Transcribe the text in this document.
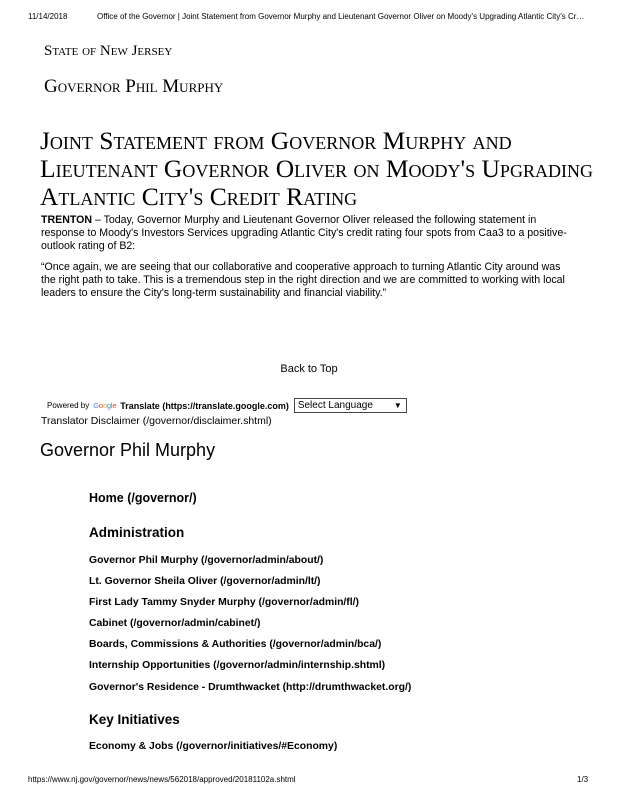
11/14/2018	Office of the Governor | Joint Statement from Governor Murphy and Lieutenant Governor Oliver on Moody's Upgrading Atlantic City's Cr…
State of New Jersey
Governor Phil Murphy
Joint Statement from Governor Murphy and
Lieutenant Governor Oliver on Moody's Upgrading
Atlantic City's Credit Rating
TRENTON – Today, Governor Murphy and Lieutenant Governor Oliver released the following statement in
response to Moody's Investors Services upgrading Atlantic City's credit rating four spots from Caa3 to a positive-
outlook rating of B2:
“Once again, we are seeing that our collaborative and cooperative approach to turning Atlantic City around was
the right path to take. This is a tremendous step in the right direction and we are committed to working with local
leaders to ensure the City's long-term sustainability and financial viability.”
Back to Top
Powered by Google Translate (https://translate.google.com) Select Language	▼
Translator Disclaimer (/governor/disclaimer.shtml)
Governor Phil Murphy
Home (/governor/)
Administration
Governor Phil Murphy (/governor/admin/about/)
Lt. Governor Sheila Oliver (/governor/admin/lt/)
First Lady Tammy Snyder Murphy (/governor/admin/fl/)
Cabinet (/governor/admin/cabinet/)
Boards, Commissions & Authorities (/governor/admin/bca/)
Internship Opportunities (/governor/admin/internship.shtml)
Governor's Residence - Drumthwacket (http://drumthwacket.org/)
Key Initiatives
Economy & Jobs (/governor/initiatives/#Economy)
https://www.nj.gov/governor/news/news/562018/approved/20181102a.shtml	1/3
